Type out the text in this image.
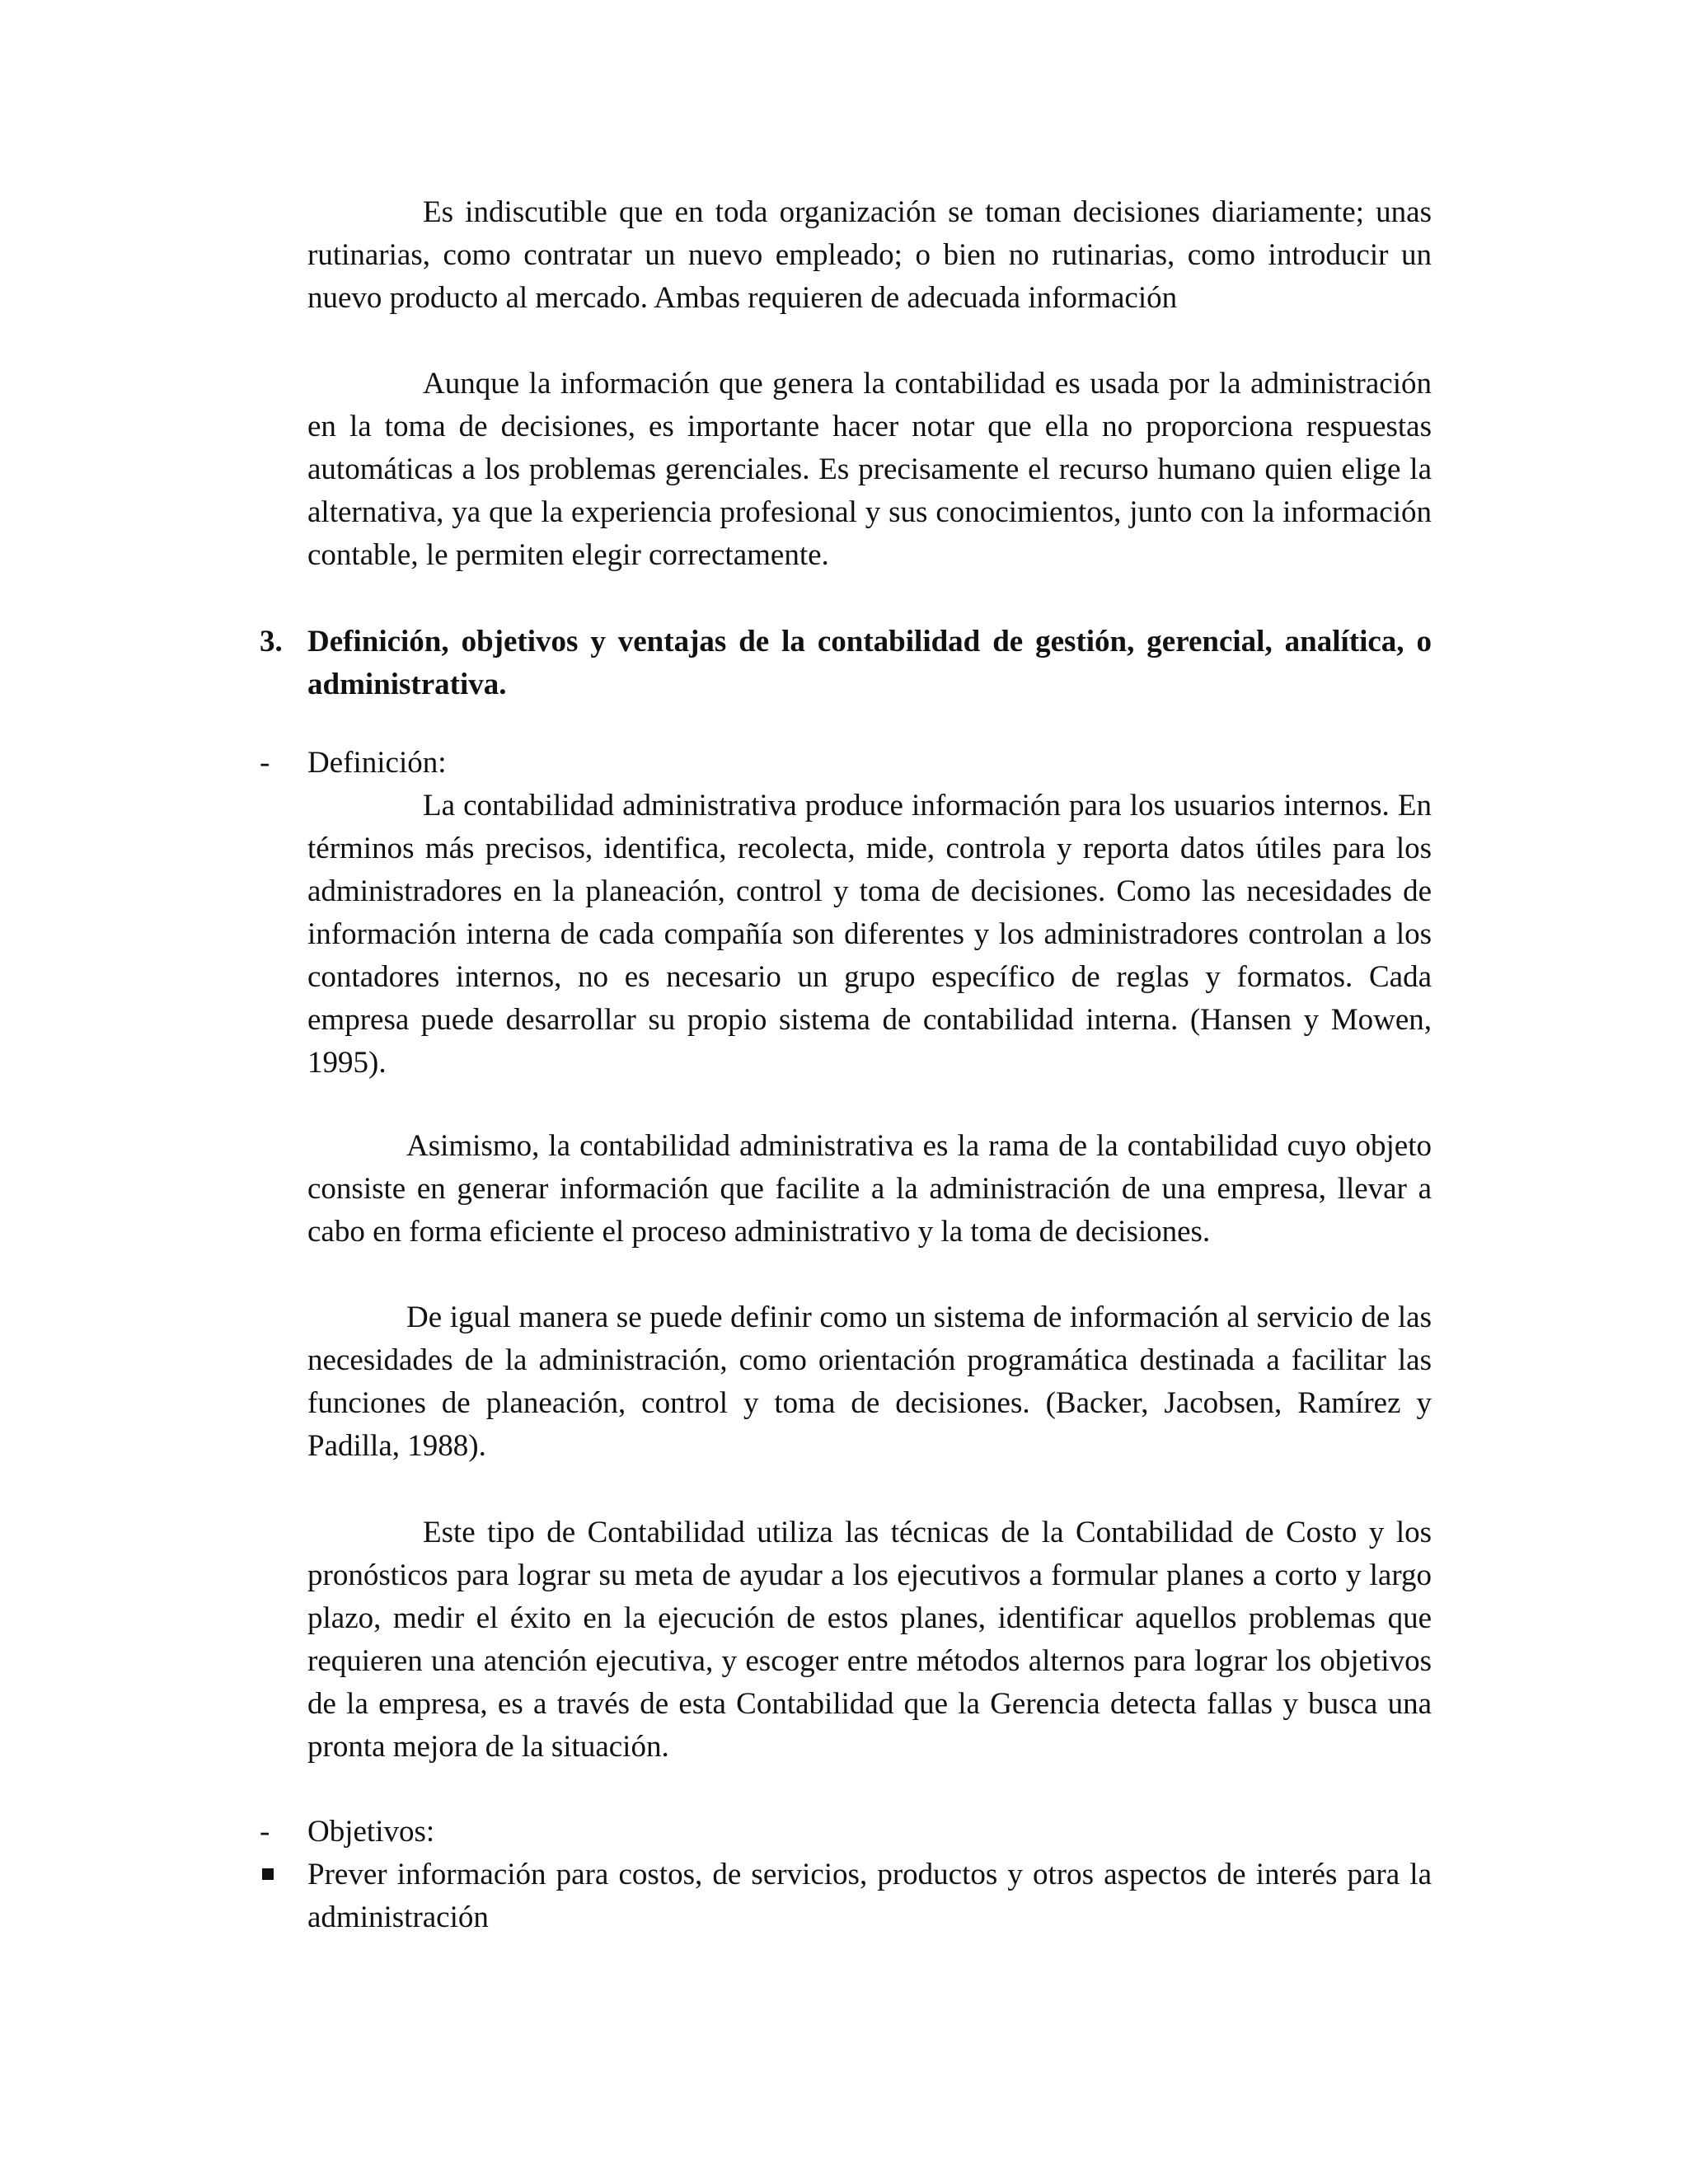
Es indiscutible que en toda organización se toman decisiones diariamente; unas rutinarias, como contratar un nuevo empleado; o bien no rutinarias, como introducir un nuevo producto al mercado. Ambas requieren de adecuada información

Aunque la información que genera la contabilidad es usada por la administración en la toma de decisiones, es importante hacer notar que ella no proporciona respuestas automáticas a los problemas gerenciales. Es precisamente el recurso humano quien elige la alternativa, ya que la experiencia profesional y sus conocimientos, junto con la información contable, le permiten elegir correctamente.

3. Definición, objetivos y ventajas de la contabilidad de gestión, gerencial, analítica, o administrativa.

-	Definición:

La contabilidad administrativa produce información para los usuarios internos. En términos más precisos, identifica, recolecta, mide, controla y reporta datos útiles para los administradores en la planeación, control y toma de decisiones. Como las necesidades de información interna de cada compañía son diferentes y los administradores controlan a los contadores internos, no es necesario un grupo específico de reglas y formatos. Cada empresa puede desarrollar su propio sistema de contabilidad interna. (Hansen y Mowen, 1995).

Asimismo, la contabilidad administrativa es la rama de la contabilidad cuyo objeto consiste en generar información que facilite a la administración de una empresa, llevar a cabo en forma eficiente el proceso administrativo y la toma de decisiones.

De igual manera se puede definir como un sistema de información al servicio de las necesidades de la administración, como orientación programática destinada a facilitar las funciones de planeación, control y toma de decisiones. (Backer, Jacobsen, Ramírez y Padilla, 1988).

Este tipo de Contabilidad utiliza las técnicas de la Contabilidad de Costo y los pronósticos para lograr su meta de ayudar a los ejecutivos a formular planes a corto y largo plazo, medir el éxito en la ejecución de estos planes, identificar aquellos problemas que requieren una atención ejecutiva, y escoger entre métodos alternos para lograr los objetivos de la empresa, es a través de esta Contabilidad que la Gerencia detecta fallas y busca una pronta mejora de la situación.

-	Objetivos:

Prever información para costos, de servicios, productos y otros aspectos de interés para la administración
